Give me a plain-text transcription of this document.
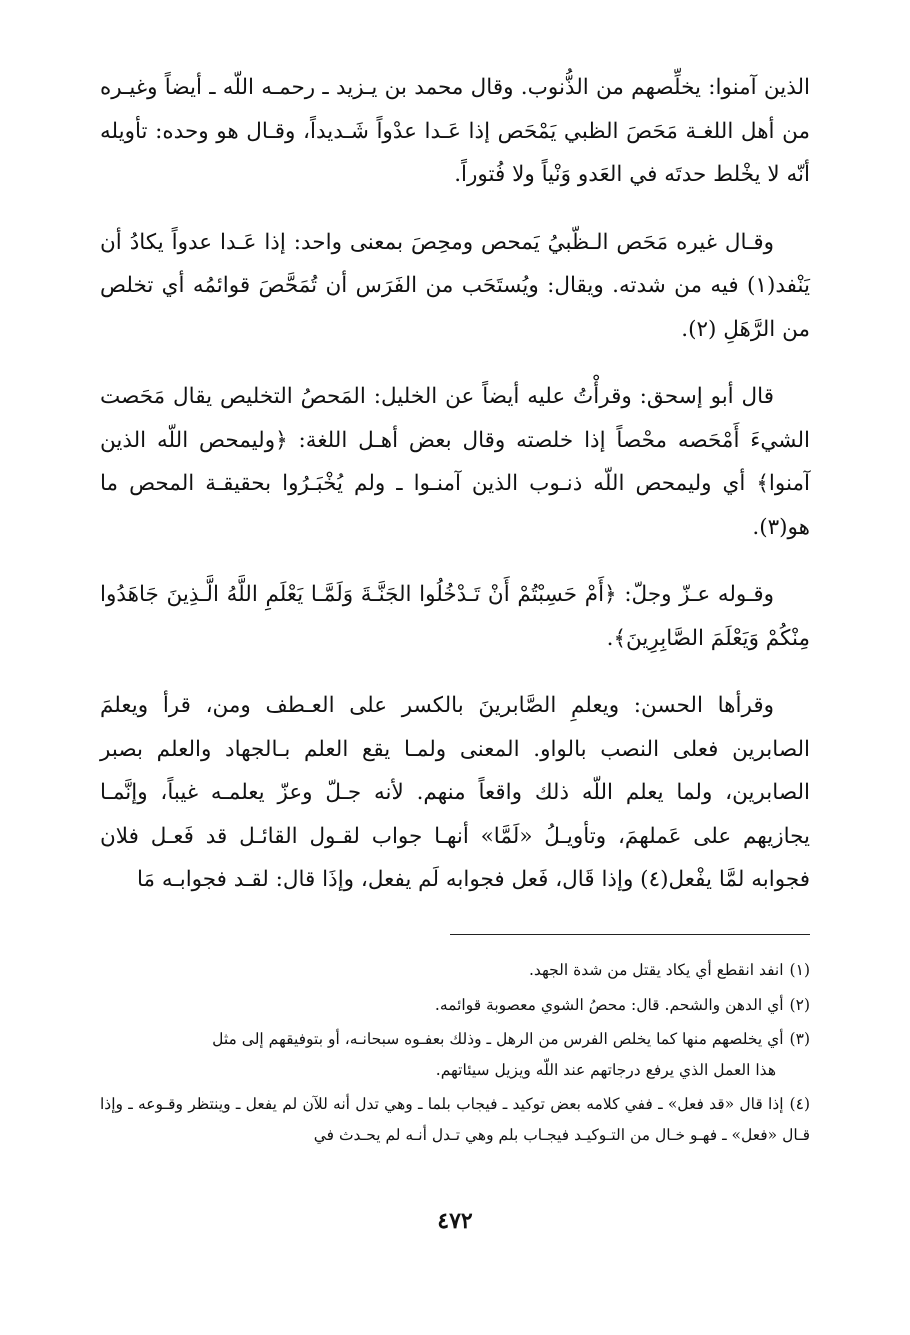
الذين آمنوا: يخلِّصهم من الذُّنوب. وقال محمد بن يـزيد ـ رحمـه اللّه ـ أيضاً وغيـره من أهل اللغـة مَحَصَ الظبي يَمْحَص إذا عَـدا عدْواً شَـديداً، وقـال هو وحده: تأويله أنّه لا يخْلط حدتَه في العَدو وَنْياً ولا فُتوراً.

وقـال غيره مَحَص الـظّبيُ يَمحص ومحِصَ بمعنى واحد: إذا عَـدا عدواً يكادُ أن يَنْفد(١) فيه من شدته. ويقال: ويُستَحَب من الفَرَس أن تُمَحَّصَ قوائمُه أي تخلص من الرَّهَلِ (٢).

قال أبو إسحق: وقرأْتُ عليه أيضاً عن الخليل: المَحصُ التخليص يقال مَحَصت الشيءَ أَمْحَصه محْصاً إذا خلصته وقال بعض أهـل اللغة: ﴿وليمحص اللّه الذين آمنوا﴾ أي وليمحص اللّه ذنـوب الذين آمنـوا ـ ولم يُخْبَـرُوا بحقيقـة المحص ما هو(٣).

وقـوله عـزّ وجلّ: ﴿أَمْ حَسِبْتُمْ أَنْ تَـدْخُلُوا الجَنَّـةَ وَلَمَّـا يَعْلَمِ اللَّهُ الَّـذِينَ جَاهَدُوا مِنْكُمْ وَيَعْلَمَ الصَّابِرِينَ﴾.

وقرأها الحسن: ويعلمِ الصَّابرينَ بالكسر على العـطف ومن، قرأ ويعلمَ الصابرين فعلى النصب بالواو. المعنى ولمـا يقع العلم بـالجهاد والعلم بصبر الصابرين، ولما يعلم اللّه ذلك واقعاً منهم. لأنه جـلّ وعزّ يعلمـه غيباً، وإنَّمـا يجازيهم على عَملهمَ، وتأويـلُ «لَمَّا» أنهـا جواب لقـول القائـل قد فَعـل فلان فجوابه لمَّا يفْعل(٤) وإذا قَال، فَعل فجوابه لَم يفعل، وإذَا قال: لقـد فجوابـه مَا

(١)انفد انقطع أي يكاد يقتل من شدة الجهد.
(٢)أي الدهن والشحم. قال: محصُ الشوي معصوبة قوائمه.
(٣)أي يخلصهم منها كما يخلص الفرس من الرهل ـ وذلك بعفـوه سبحانـه، أو بتوفيقهم إلى مثل
هذا العمل الذي يرفع درجاتهم عند اللّه ويزيل سيئاتهم.
(٤)إذا قال «قد فعل» ـ ففي كلامه بعض توكيد ـ فيجاب بلما ـ وهي تدل أنه للآن لم يفعل ـ وينتظر وقـوعه ـ وإذا قـال «فعل» ـ فهـو خـال من التـوكيـد فيجـاب بلم وهي تـدل أنـه لم يحـدث في
٤٧٢
